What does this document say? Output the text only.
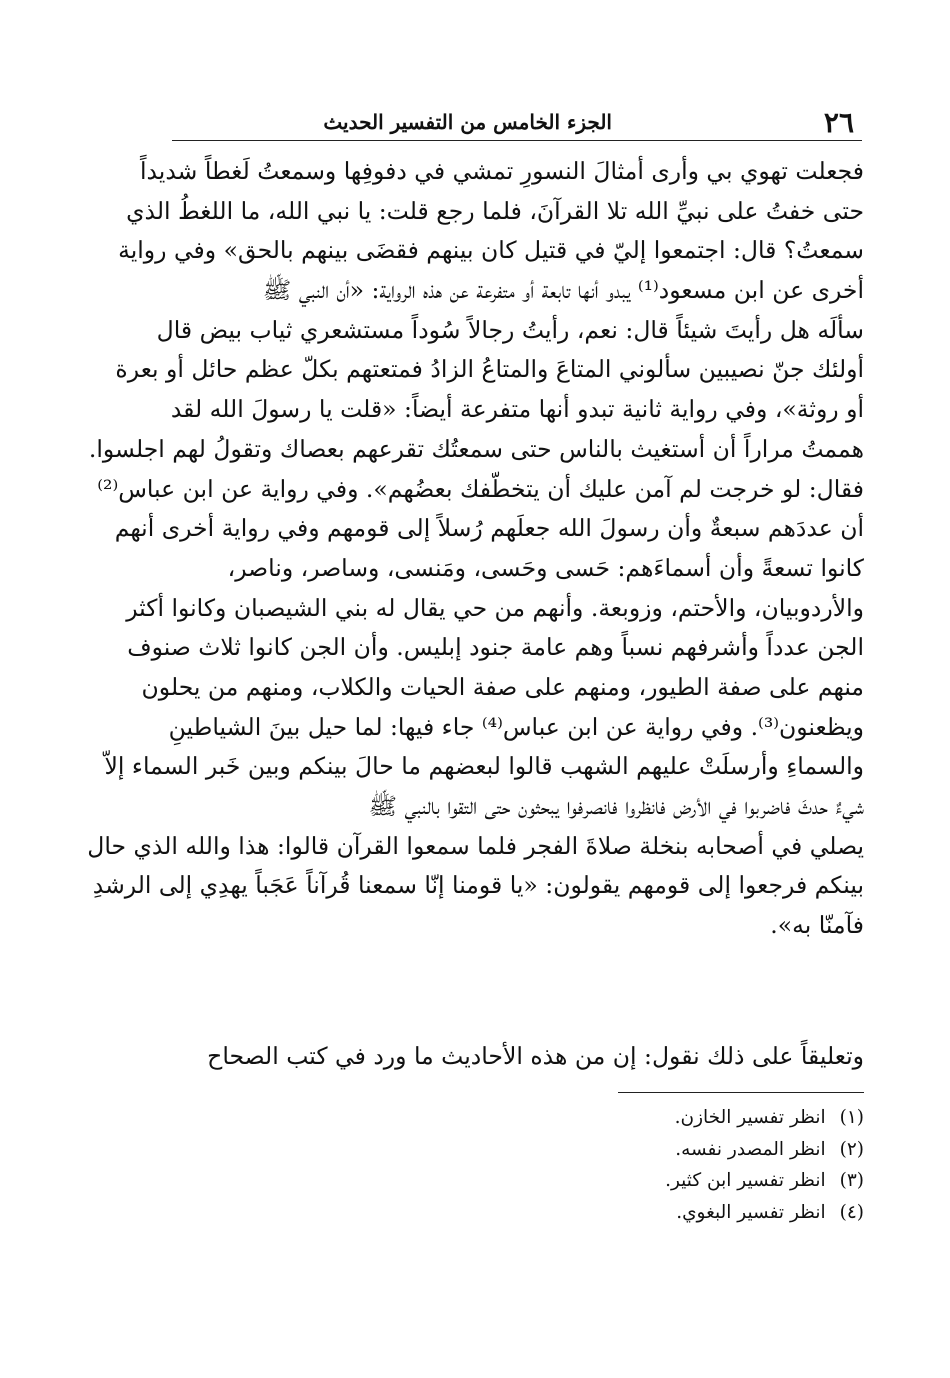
٢٦
الجزء الخامس من التفسير الحديث
فجعلت تهوي بي وأرى أمثالَ النسورِ تمشي في دفوفِها وسمعتُ لَغطاً شديداً
حتى خفتُ على نبيِّ الله تلا القرآنَ، فلما رجع قلت: يا نبي الله، ما اللغطُ الذي
سمعتُ؟ قال: اجتمعوا إليّ في قتيل كان بينهم فقضَى بينهم بالحق» وفي رواية
أخرى عن ابن مسعود⁽¹⁾ يبدو أنها تابعة أو متفرعة عن هذه الرواية: «أن النبي ﷺ
سألَه هل رأيتَ شيئاً قال: نعم، رأيتُ رجالاً سُوداً مستشعري ثياب بيض قال
أولئك جنّ نصيبين سألوني المتاعَ والمتاعُ الزادُ فمتعتهم بكلّ عظم حائل أو بعرة
أو روثة»، وفي رواية ثانية تبدو أنها متفرعة أيضاً: «قلت يا رسولَ الله لقد
هممتُ مراراً أن أستغيث بالناس حتى سمعتُك تقرعهم بعصاك وتقولُ لهم اجلسوا.
فقال: لو خرجت لم آمن عليك أن يتخطّفك بعضُهم». وفي رواية عن ابن عباس⁽²⁾
أن عددَهم سبعةٌ وأن رسولَ الله جعلَهم رُسلاً إلى قومهم وفي رواية أخرى أنهم
كانوا تسعةً وأن أسماءَهم: حَسى وحَسى، ومَنسى، وساصر، وناصر،
والأردوبيان، والأحتم، وزوبعة. وأنهم من حي يقال له بني الشيصبان وكانوا أكثر
الجن عدداً وأشرفهم نسباً وهم عامة جنود إبليس. وأن الجن كانوا ثلاث صنوف
منهم على صفة الطيور، ومنهم على صفة الحيات والكلاب، ومنهم من يحلون
ويظعنون⁽³⁾. وفي رواية عن ابن عباس⁽⁴⁾ جاء فيها: لما حيل بينَ الشياطينِ
والسماءِ وأرسلَتْ عليهم الشهب قالوا لبعضهم ما حالَ بينكم وبين خَبر السماء إلاّ
شيءٌ حدثَ فاضربوا في الأرض فانظروا فانصرفوا يبحثون حتى التقوا بالنبي ﷺ
يصلي في أصحابه بنخلة صلاةَ الفجر فلما سمعوا القرآن قالوا: هذا والله الذي حال
بينكم فرجعوا إلى قومهم يقولون: «يا قومنا إنّا سمعنا قُرآناً عَجَباً يهدِي إلى الرشدِ
فآمنّا به».
وتعليقاً على ذلك نقول: إن من هذه الأحاديث ما ورد في كتب الصحاح
(١)انظر تفسير الخازن.
(٢)انظر المصدر نفسه.
(٣)انظر تفسير ابن كثير.
(٤)انظر تفسير البغوي.
